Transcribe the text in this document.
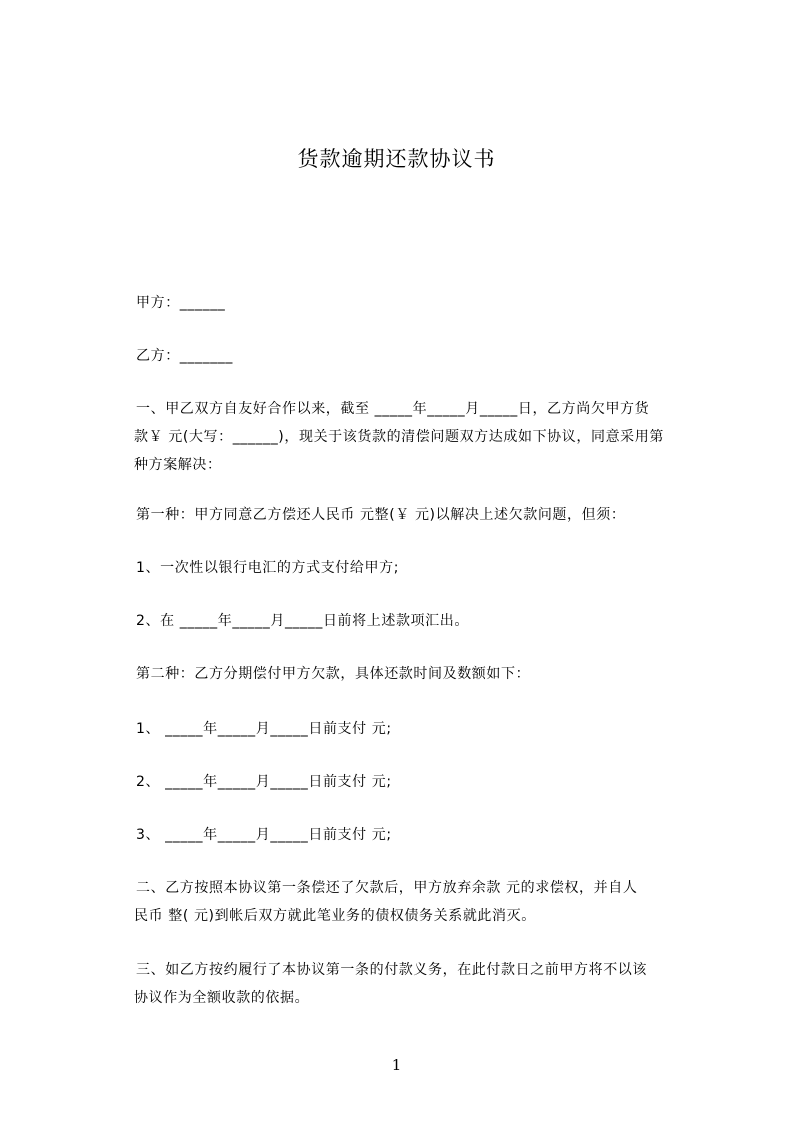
货款逾期还款协议书
甲方：______
乙方：_______
一、甲乙双方自友好合作以来，截至 _____年_____月_____日，乙方尚欠甲方货
款￥ 元(大写：______)，现关于该货款的清偿问题双方达成如下协议，同意采用第
种方案解决：
第一种：甲方同意乙方偿还人民币 元整(￥ 元)以解决上述欠款问题，但须：
1、一次性以银行电汇的方式支付给甲方;
2、在 _____年_____月_____日前将上述款项汇出。
第二种：乙方分期偿付甲方欠款，具体还款时间及数额如下：
1、 _____年_____月_____日前支付 元;
2、 _____年_____月_____日前支付 元;
3、 _____年_____月_____日前支付 元;
二、乙方按照本协议第一条偿还了欠款后，甲方放弃余款 元的求偿权，并自人
民币 整( 元)到帐后双方就此笔业务的债权债务关系就此消灭。
三、如乙方按约履行了本协议第一条的付款义务，在此付款日之前甲方将不以该
协议作为全额收款的依据。
1
